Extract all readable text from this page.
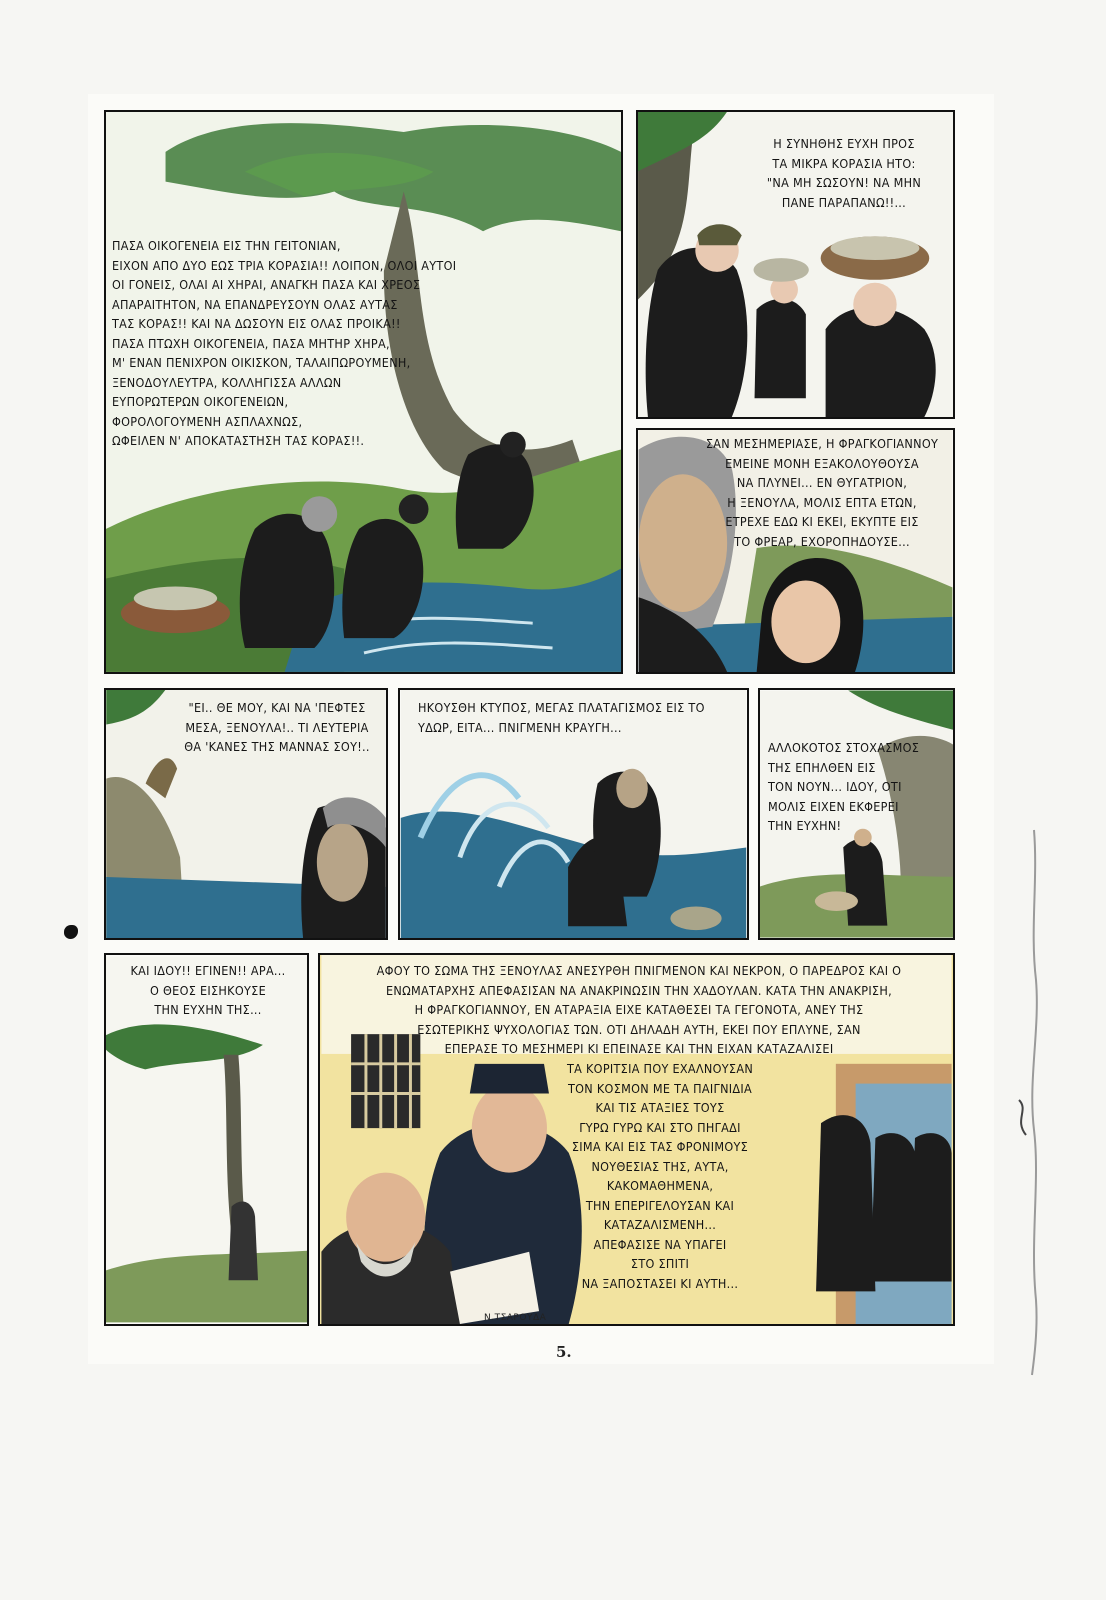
ΠΑΣΑ ΟΙΚΟΓΕΝΕΙΑ ΕΙΣ ΤΗΝ ΓΕΙΤΟΝΙΑΝ,
ΕΙΧΟΝ ΑΠΟ ΔΥΟ ΕΩΣ ΤΡΙΑ ΚΟΡΑΣΙΑ!! ΛΟΙΠΟΝ, ΟΛΟΙ ΑΥΤΟΙ
ΟΙ ΓΟΝΕΙΣ, ΟΛΑΙ ΑΙ ΧΗΡΑΙ, ΑΝΑΓΚΗ ΠΑΣΑ ΚΑΙ ΧΡΕΟΣ
ΑΠΑΡΑΙΤΗΤΟΝ, ΝΑ ΕΠΑΝΔΡΕΥΣΟΥΝ ΟΛΑΣ ΑΥΤΑΣ
ΤΑΣ ΚΟΡΑΣ!! ΚΑΙ ΝΑ ΔΩΣΟΥΝ ΕΙΣ ΟΛΑΣ ΠΡΟΙΚΑ!!
ΠΑΣΑ ΠΤΩΧΗ ΟΙΚΟΓΕΝΕΙΑ, ΠΑΣΑ ΜΗΤΗΡ ΧΗΡΑ,
Μ' ΕΝΑΝ ΠΕΝΙΧΡΟΝ ΟΙΚΙΣΚΟΝ, ΤΑΛΑΙΠΩΡΟΥΜΕΝΗ,
ΞΕΝΟΔΟΥΛΕΥΤΡΑ, ΚΟΛΛΗΓΙΣΣΑ ΑΛΛΩΝ
ΕΥΠΟΡΩΤΕΡΩΝ ΟΙΚΟΓΕΝΕΙΩΝ,
ΦΟΡΟΛΟΓΟΥΜΕΝΗ ΑΣΠΛΑΧΝΩΣ,
ΩΦΕΙΛΕΝ Ν' ΑΠΟΚΑΤΑΣΤΗΣΗ ΤΑΣ ΚΟΡΑΣ!!.

Η ΣΥΝΗΘΗΣ ΕΥΧΗ ΠΡΟΣ
ΤΑ ΜΙΚΡΑ ΚΟΡΑΣΙΑ ΗΤΟ:
"ΝΑ ΜΗ ΣΩΣΟΥΝ! ΝΑ ΜΗΝ
ΠΑΝΕ ΠΑΡΑΠΑΝΩ!!...

ΣΑΝ ΜΕΣΗΜΕΡΙΑΣΕ, Η ΦΡΑΓΚΟΓΙΑΝΝΟΥ
ΕΜΕΙΝΕ ΜΟΝΗ ΕΞΑΚΟΛΟΥΘΟΥΣΑ
ΝΑ ΠΛΥΝΕΙ... ΕΝ ΘΥΓΑΤΡΙΟΝ,
Η ΞΕΝΟΥΛΑ, ΜΟΛΙΣ ΕΠΤΑ ΕΤΩΝ,
ΕΤΡΕΧΕ ΕΔΩ ΚΙ ΕΚΕΙ, ΕΚΥΠΤΕ ΕΙΣ
ΤΟ ΦΡΕΑΡ, ΕΧΟΡΟΠΗΔΟΥΣΕ...

"ΕΙ.. ΘΕ ΜΟΥ, ΚΑΙ ΝΑ 'ΠΕΦΤΕΣ
ΜΕΣΑ, ΞΕΝΟΥΛΑ!.. ΤΙ ΛΕΥΤΕΡΙΑ
ΘΑ 'ΚΑΝΕΣ ΤΗΣ ΜΑΝΝΑΣ ΣΟΥ!..

ΗΚΟΥΣΘΗ ΚΤΥΠΟΣ, ΜΕΓΑΣ ΠΛΑΤΑΓΙΣΜΟΣ ΕΙΣ ΤΟ
ΥΔΩΡ, ΕΙΤΑ... ΠΝΙΓΜΕΝΗ ΚΡΑΥΓΗ...

ΑΛΛΟΚΟΤΟΣ ΣΤΟΧΑΣΜΟΣ
ΤΗΣ ΕΠΗΛΘΕΝ ΕΙΣ
ΤΟΝ ΝΟΥΝ... ΙΔΟΥ, ΟΤΙ
ΜΟΛΙΣ ΕΙΧΕΝ ΕΚΦΕΡΕΙ
ΤΗΝ ΕΥΧΗΝ!

ΚΑΙ ΙΔΟΥ!! ΕΓΙΝΕΝ!! ΑΡΑ...
Ο ΘΕΟΣ ΕΙΣΗΚΟΥΣΕ
ΤΗΝ ΕΥΧΗΝ ΤΗΣ...

ΑΦΟΥ ΤΟ ΣΩΜΑ ΤΗΣ ΞΕΝΟΥΛΑΣ ΑΝΕΣΥΡΘΗ ΠΝΙΓΜΕΝΟΝ ΚΑΙ ΝΕΚΡΟΝ, Ο ΠΑΡΕΔΡΟΣ ΚΑΙ Ο
ΕΝΩΜΑΤΑΡΧΗΣ ΑΠΕΦΑΣΙΣΑΝ ΝΑ ΑΝΑΚΡΙΝΩΣΙΝ ΤΗΝ ΧΑΔΟΥΛΑΝ. ΚΑΤΑ ΤΗΝ ΑΝΑΚΡΙΣΗ,
Η ΦΡΑΓΚΟΓΙΑΝΝΟΥ, ΕΝ ΑΤΑΡΑΞΙΑ ΕΙΧΕ ΚΑΤΑΘΕΣΕΙ ΤΑ ΓΕΓΟΝΟΤΑ, ΑΝΕΥ ΤΗΣ
ΕΣΩΤΕΡΙΚΗΣ ΨΥΧΟΛΟΓΙΑΣ ΤΩΝ. ΟΤΙ ΔΗΛΑΔΗ ΑΥΤΗ, ΕΚΕΙ ΠΟΥ ΕΠΛΥΝΕ, ΣΑΝ
ΕΠΕΡΑΣΕ ΤΟ ΜΕΣΗΜΕΡΙ ΚΙ ΕΠΕΙΝΑΣΕ ΚΑΙ ΤΗΝ ΕΙΧΑΝ ΚΑΤΑΖΑΛΙΣΕΙ

ΤΑ ΚΟΡΙΤΣΙΑ ΠΟΥ ΕΧΑΛΝΟΥΣΑΝ
ΤΟΝ ΚΟΣΜΟΝ ΜΕ ΤΑ ΠΑΙΓΝΙΔΙΑ
ΚΑΙ ΤΙΣ ΑΤΑΞΙΕΣ ΤΟΥΣ
ΓΥΡΩ ΓΥΡΩ ΚΑΙ ΣΤΟ ΠΗΓΑΔΙ
ΣΙΜΑ ΚΑΙ ΕΙΣ ΤΑΣ ΦΡΟΝΙΜΟΥΣ
ΝΟΥΘΕΣΙΑΣ ΤΗΣ, ΑΥΤΑ,
ΚΑΚΟΜΑΘΗΜΕΝΑ,
ΤΗΝ ΕΠΕΡΙΓΕΛΟΥΣΑΝ ΚΑΙ
ΚΑΤΑΖΑΛΙΣΜΕΝΗ...
ΑΠΕΦΑΣΙΣΕ ΝΑ ΥΠΑΓΕΙ
ΣΤΟ ΣΠΙΤΙ
ΝΑ ΞΑΠΟΣΤΑΣΕΙ ΚΙ ΑΥΤΗ...

Ν.ΤΣΑΡΟΥΔΑ
5.
